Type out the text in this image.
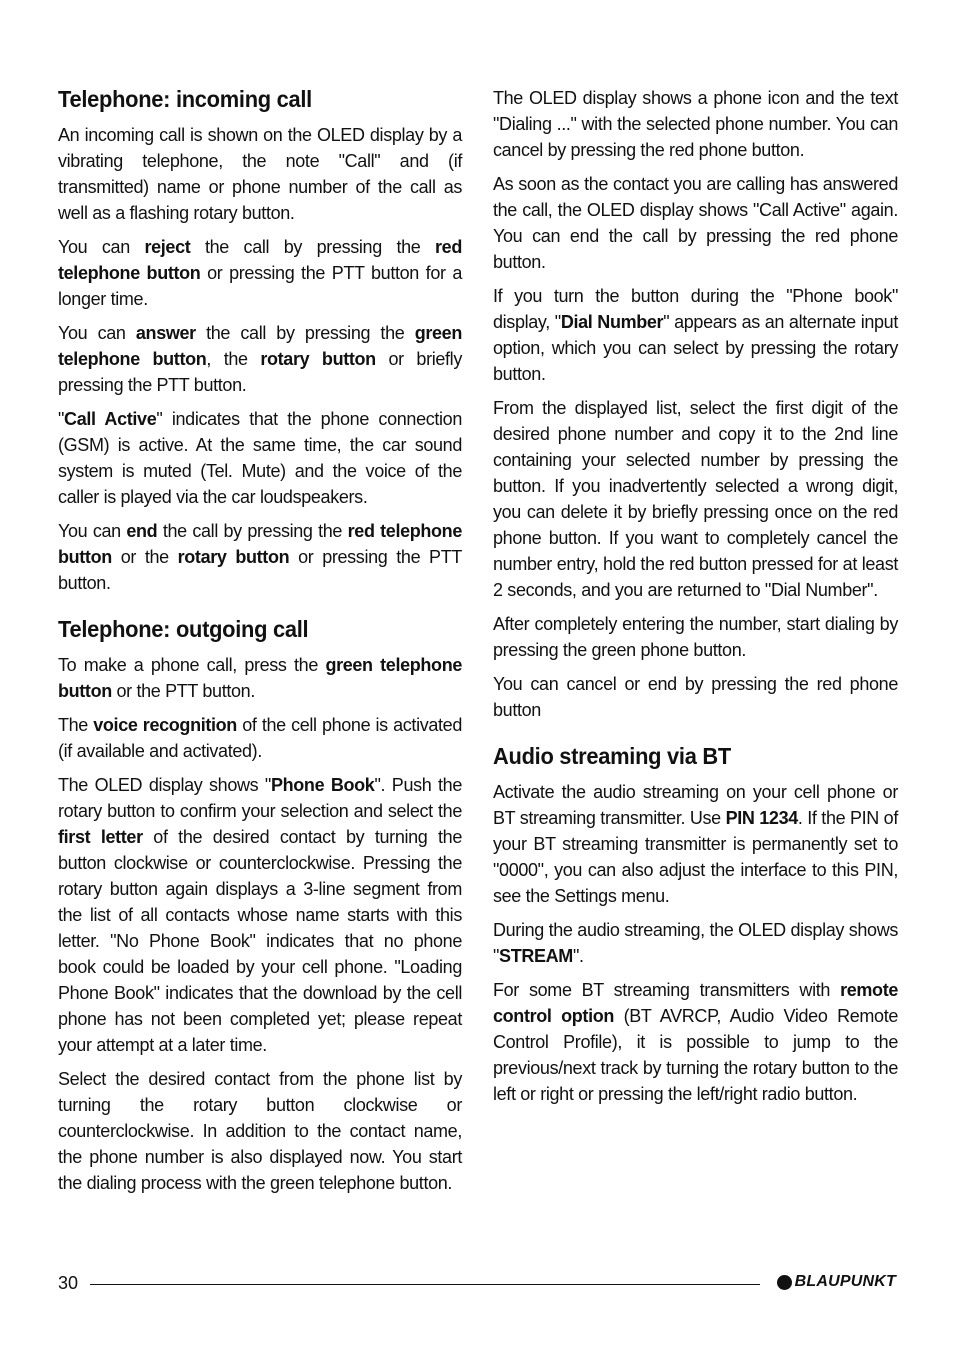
Telephone: incoming call

An incoming call is shown on the OLED display by a vibrating telephone, the note "Call" and (if transmitted) name or phone number of the call as well as a flashing rotary button.

You can reject the call by pressing the red telephone button or pressing the PTT button for a longer time.

You can answer the call by pressing the green telephone button, the rotary button or briefly pressing the PTT button.

"Call Active" indicates that the phone connection (GSM) is active. At the same time, the car sound system is muted (Tel. Mute) and the voice of the caller is played via the car loudspeakers.

You can end the call by pressing the red telephone button or the rotary button or pressing the PTT button.

Telephone: outgoing call

To make a phone call, press the green telephone button or the PTT button.

The voice recognition of the cell phone is activated (if available and activated).

The OLED display shows "Phone Book". Push the rotary button to confirm your selection and select the first letter of the desired contact by turning the button clockwise or counterclockwise. Pressing the rotary button again displays a 3-line segment from the list of all contacts whose name starts with this letter. "No Phone Book" indicates that no phone book could be loaded by your cell phone. "Loading Phone Book" indicates that the download by the cell phone has not been completed yet; please repeat your attempt at a later time.

Select the desired contact from the phone list by turning the rotary button clockwise or counterclockwise. In addition to the contact name, the phone number is also displayed now. You start the dialing process with the green telephone button.

The OLED display shows a phone icon and the text "Dialing ..." with the selected phone number. You can cancel by pressing the red phone button.

As soon as the contact you are calling has answered the call, the OLED display shows "Call Active" again. You can end the call by pressing the red phone button.

If you turn the button during the "Phone book" display, "Dial Number" appears as an alternate input option, which you can select by pressing the rotary button.

From the displayed list, select the first digit of the desired phone number and copy it to the 2nd line containing your selected number by pressing the button. If you inadvertently selected a wrong digit, you can delete it by briefly pressing once on the red phone button. If you want to completely cancel the number entry, hold the red button pressed for at least 2 seconds, and you are returned to "Dial Number".

After completely entering the number, start dialing by pressing the green phone button.

You can cancel or end by pressing the red phone button

Audio streaming via BT

Activate the audio streaming on your cell phone or BT streaming transmitter. Use PIN 1234. If the PIN of your BT streaming transmitter is permanently set to "0000", you can also adjust the interface to this PIN, see the Settings menu.

During the audio streaming, the OLED display shows "STREAM".

For some BT streaming transmitters with remote control option (BT AVRCP, Audio Video Remote Control Profile), it is possible to jump to the previous/next track by turning the rotary button to the left or right or pressing the left/right radio button.

30	BLAUPUNKT
